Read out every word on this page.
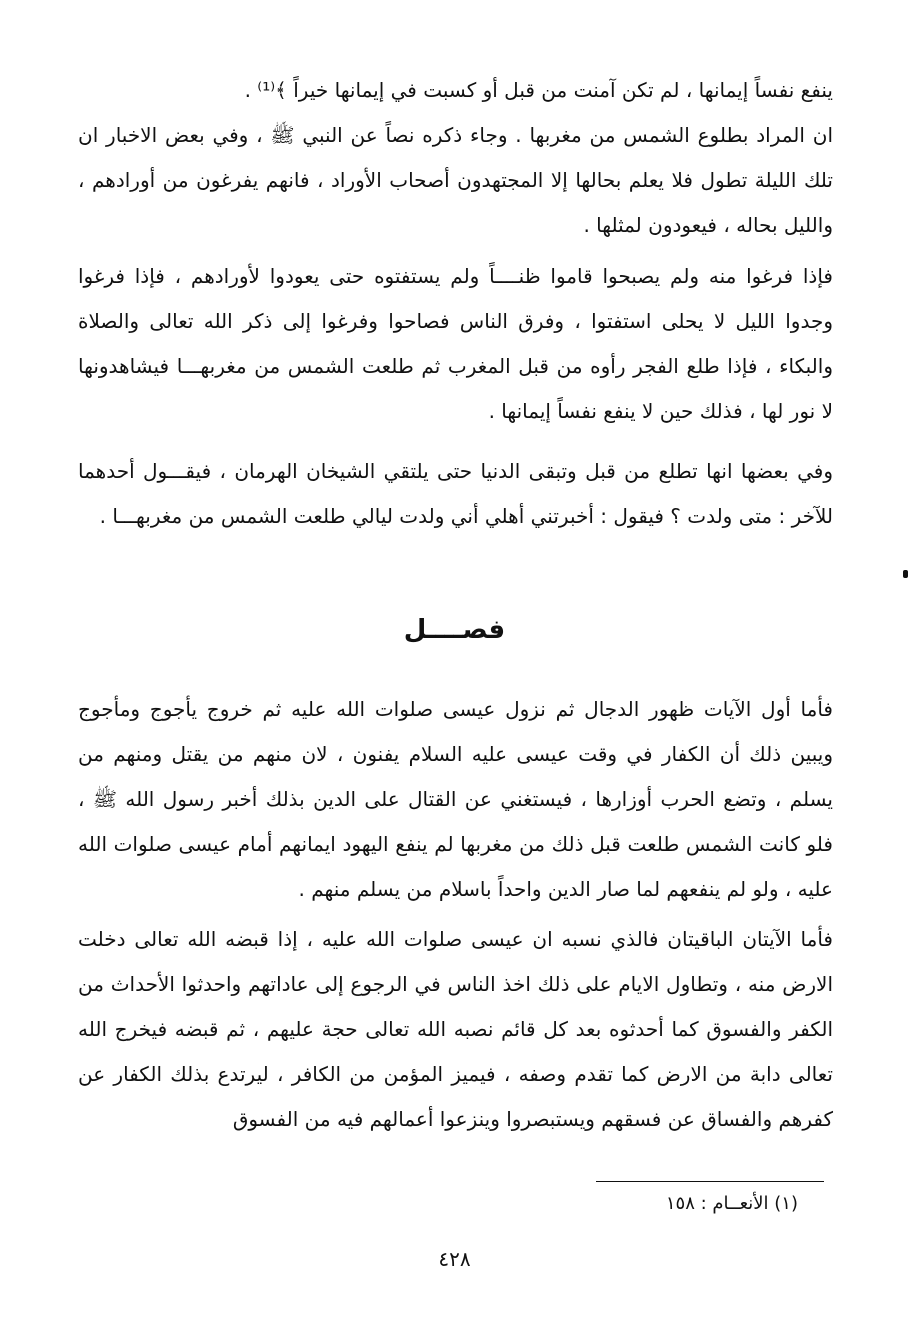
ينفع نفساً إيمانها ، لم تكن آمنت من قبل أو كسبت في إيمانها خيراً ﴾⁽¹⁾ .

ان المراد بطلوع الشمس من مغربها . وجاء ذكره نصاً عن النبي ﷺ ، وفي بعض الاخبار ان تلك الليلة تطول فلا يعلم بحالها إلا المجتهدون أصحاب الأوراد ، فانهم يفرغون من أورادهم ، والليل بحاله ، فيعودون لمثلها .

فإذا فرغوا منه ولم يصبحوا قاموا ظنــــاً ولم يستفتوه حتى يعودوا لأورادهم ، فإذا فرغوا وجدوا الليل لا يحلى استفتوا ، وفرق الناس فصاحوا وفرغوا إلى ذكر الله تعالى والصلاة والبكاء ، فإذا طلع الفجر رأوه من قبل المغرب ثم طلعت الشمس من مغربهـــا فيشاهدونها لا نور لها ، فذلك حين لا ينفع نفساً إيمانها .

وفي بعضها انها تطلع من قبل وتبقى الدنيا حتى يلتقي الشيخان الهرمان ، فيقـــول أحدهما للآخر : متى ولدت ؟ فيقول : أخبرتني أهلي أني ولدت ليالي طلعت الشمس من مغربهـــا .

فصــــل

فأما أول الآيات ظهور الدجال ثم نزول عيسى صلوات الله عليه ثم خروج يأجوج ومأجوج ويبين ذلك أن الكفار في وقت عيسى عليه السلام يفنون ، لان منهم من يقتل ومنهم من يسلم ، وتضع الحرب أوزارها ، فيستغني عن القتال على الدين بذلك أخبر رسول الله ﷺ ، فلو كانت الشمس طلعت قبل ذلك من مغربها لم ينفع اليهود ايمانهم أمام عيسى صلوات الله عليه ، ولو لم ينفعهم لما صار الدين واحداً باسلام من يسلم منهم .

فأما الآيتان الباقيتان فالذي نسبه ان عيسى صلوات الله عليه ، إذا قبضه الله تعالى دخلت الارض منه ، وتطاول الايام على ذلك اخذ الناس في الرجوع إلى عاداتهم واحدثوا الأحداث من الكفر والفسوق كما أحدثوه بعد كل قائم نصبه الله تعالى حجة عليهم ، ثم قبضه فيخرج الله تعالى دابة من الارض كما تقدم وصفه ، فيميز المؤمن من الكافر ، ليرتدع بذلك الكفار عن كفرهم والفساق عن فسقهم ويستبصروا وينزعوا أعمالهم فيه من الفسوق

(١) الأنعــام : ١٥٨

٤٢٨
